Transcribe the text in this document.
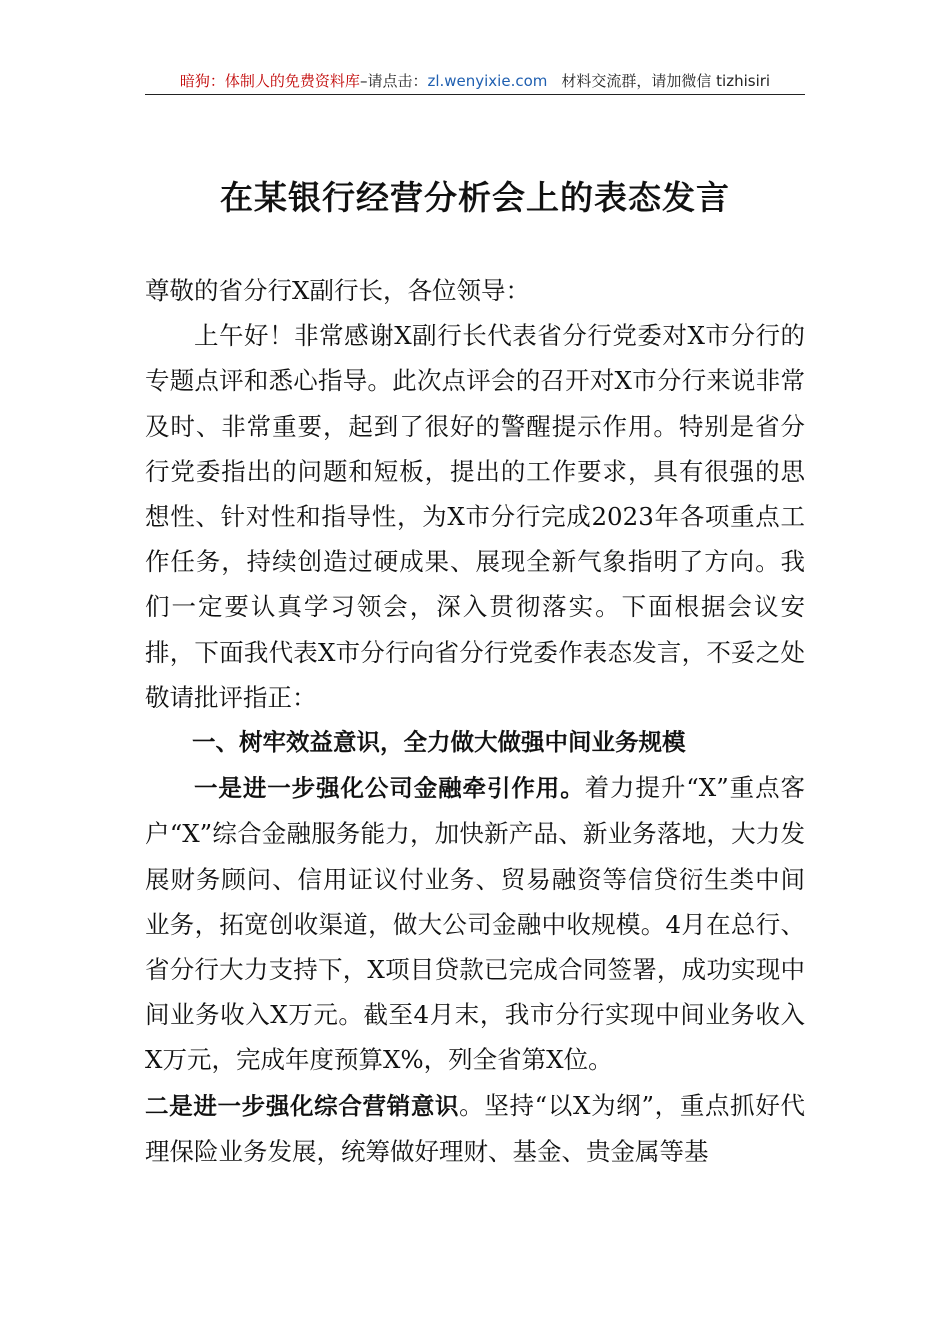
暗狗：体制人的免费资料库–请点击：zl.wenyixie.com 材料交流群，请加微信 tizhisiri
在某银行经营分析会上的表态发言

尊敬的省分行X副行长，各位领导：

上午好！非常感谢X副行长代表省分行党委对X市分行的专题点评和悉心指导。此次点评会的召开对X市分行来说非常及时、非常重要，起到了很好的警醒提示作用。特别是省分行党委指出的问题和短板，提出的工作要求，具有很强的思想性、针对性和指导性，为X市分行完成2023年各项重点工作任务，持续创造过硬成果、展现全新气象指明了方向。我们一定要认真学习领会，深入贯彻落实。下面根据会议安排，下面我代表X市分行向省分行党委作表态发言，不妥之处敬请批评指正：

一、树牢效益意识，全力做大做强中间业务规模

一是进一步强化公司金融牵引作用。着力提升“X”重点客户“X”综合金融服务能力，加快新产品、新业务落地，大力发展财务顾问、信用证议付业务、贸易融资等信贷衍生类中间业务，拓宽创收渠道，做大公司金融中收规模。4月在总行、省分行大力支持下，X项目贷款已完成合同签署，成功实现中间业务收入X万元。截至4月末，我市分行实现中间业务收入X万元，完成年度预算X%，列全省第X位。

二是进一步强化综合营销意识。坚持“以X为纲”，重点抓好代理保险业务发展，统筹做好理财、基金、贵金属等基
